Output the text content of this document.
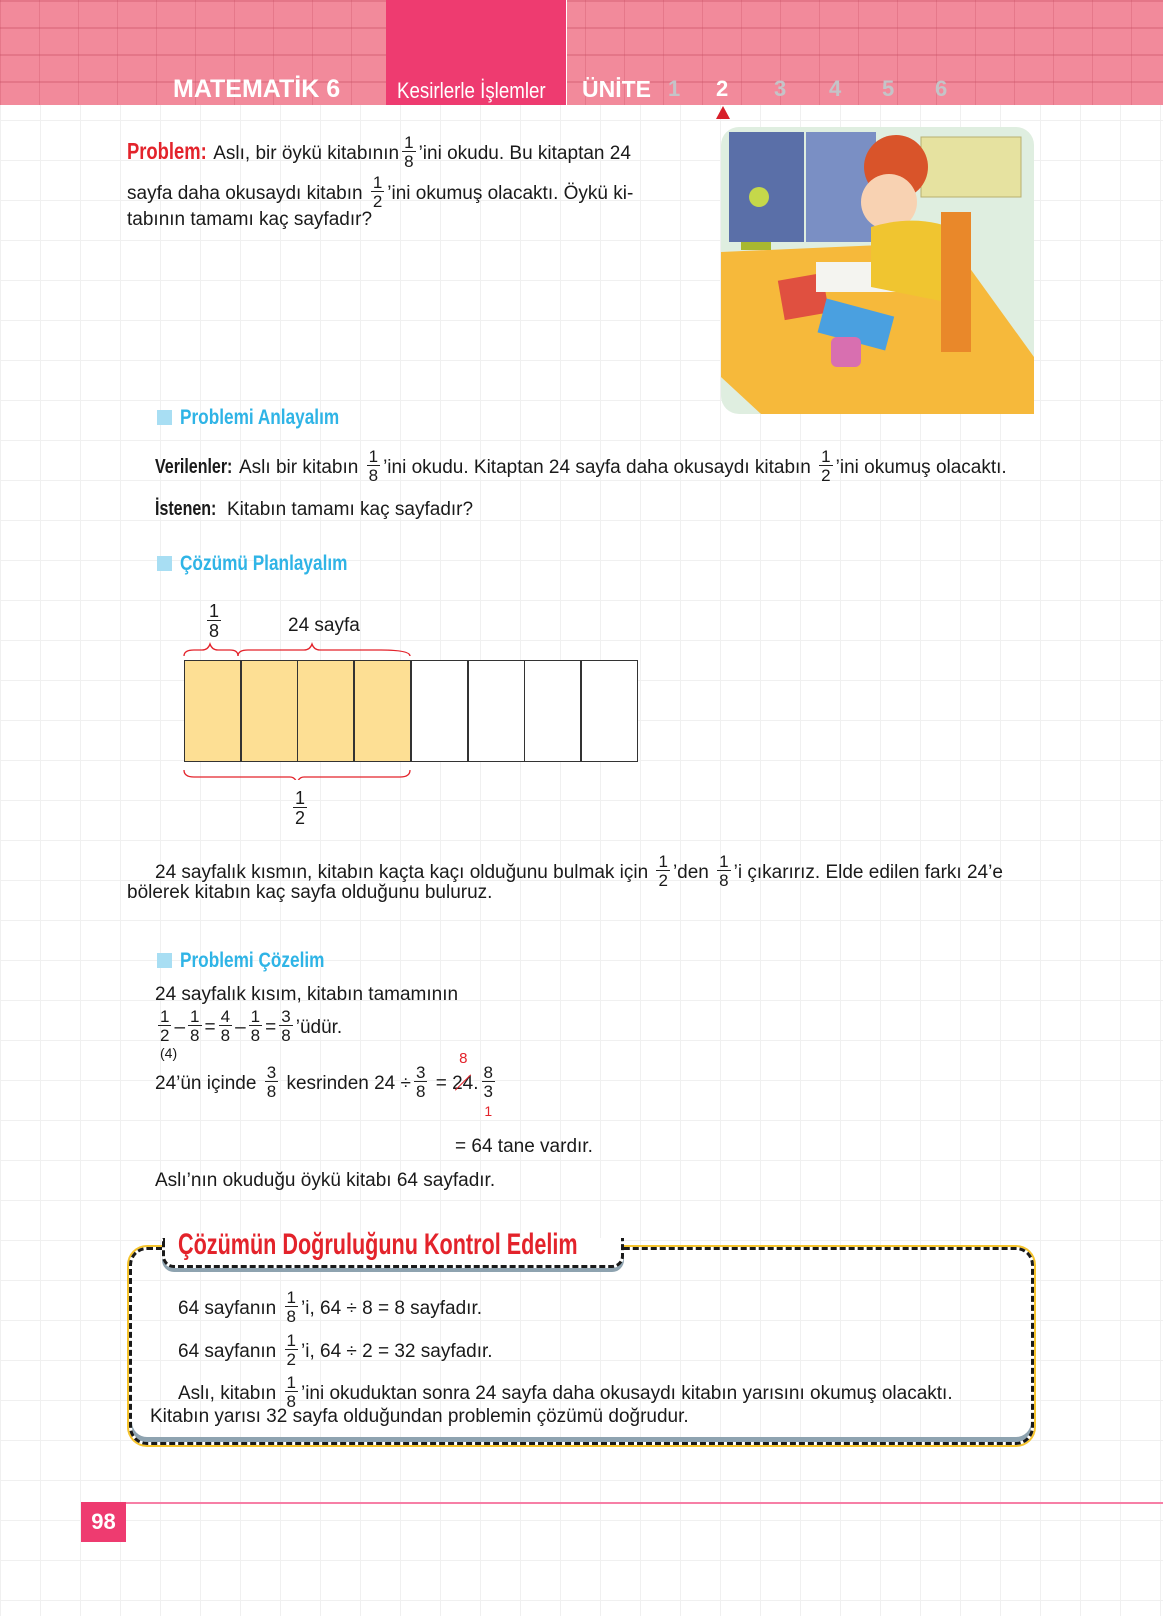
MATEMATİK 6	Kesirlerle İşlemler ÜNİTE 1 2 3 4 5 6
Problem: Aslı, bir öykü kitabının $\frac{1}{8}$ ’ini okudu. Bu kitaptan 24
sayfa daha okusaydı kitabın $\frac{1}{2}$ ’ini okumuş olacaktı. Öykü ki-
tabının tamamı kaç sayfadır?
Problemi Anlayalım
Verilenler: Aslı bir kitabın $\frac{1}{8}$ ’ini okudu. Kitaptan 24 sayfa daha okusaydı kitabın $\frac{1}{2}$ ’ini okumuş olacaktı.
İstenen: Kitabın tamamı kaç sayfadır?
Çözümü Planlayalım
$\frac{1}{8}$	24 sayfa
$\frac{1}{2}$
24 sayfalık kısmın, kitabın kaçta kaçı olduğunu bulmak için $\frac{1}{2}$ ’den $\frac{1}{8}$ ’i çıkarırız. Elde edilen farkı 24’e
bölerek kitabın kaç sayfa olduğunu buluruz.
Problemi Çözelim
24 sayfalık kısım, kitabın tamamının
$\frac{1}{2} - \frac{1}{8} = \frac{4}{8} - \frac{1}{8} = \frac{3}{8}$ ’üdür.
(4)
24’ün içinde $\frac{3}{8}$ kesrinden $24 \div \frac{3}{8} = 24$
8
.
8
3
1
= 64 tane vardır.
Aslı’nın okuduğu öykü kitabı 64 sayfadır.
Çözümün Doğruluğunu Kontrol Edelim
64 sayfanın $\frac{1}{8}$ ’i, 64 ÷ 8 = 8 sayfadır.
64 sayfanın $\frac{1}{2}$ ’i, 64 ÷ 2 = 32 sayfadır.
Aslı, kitabın $\frac{1}{8}$ ’ini okuduktan sonra 24 sayfa daha okusaydı kitabın yarısını okumuş olacaktı.
Kitabın yarısı 32 sayfa olduğundan problemin çözümü doğrudur.
98
